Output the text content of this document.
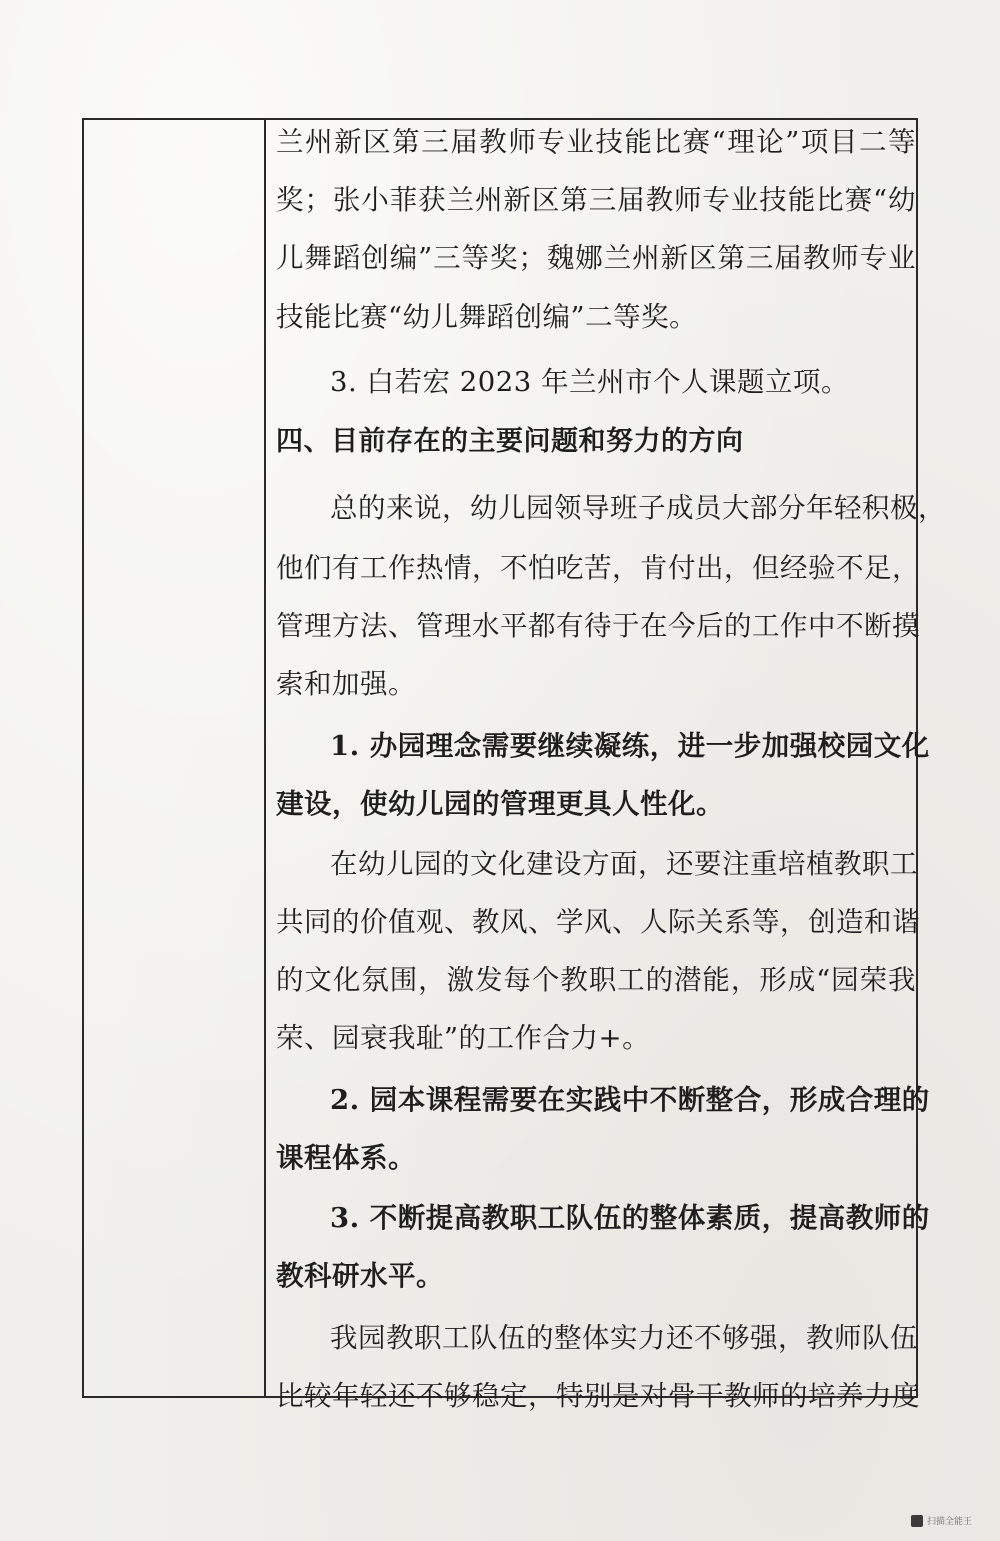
兰州新区第三届教师专业技能比赛“理论”项目二等
奖；张小菲获兰州新区第三届教师专业技能比赛“幼
儿舞蹈创编”三等奖；魏娜兰州新区第三届教师专业
技能比赛“幼儿舞蹈创编”二等奖。
3. 白若宏 2023 年兰州市个人课题立项。
四、目前存在的主要问题和努力的方向
总的来说，幼儿园领导班子成员大部分年轻积极，
他们有工作热情，不怕吃苦，肯付出，但经验不足，
管理方法、管理水平都有待于在今后的工作中不断摸
索和加强。
1. 办园理念需要继续凝练，进一步加强校园文化
建设，使幼儿园的管理更具人性化。
在幼儿园的文化建设方面，还要注重培植教职工
共同的价值观、教风、学风、人际关系等，创造和谐
的文化氛围，激发每个教职工的潜能，形成“园荣我
荣、园衰我耻”的工作合力+。
2. 园本课程需要在实践中不断整合，形成合理的
课程体系。
3. 不断提高教职工队伍的整体素质，提高教师的
教科研水平。
我园教职工队伍的整体实力还不够强，教师队伍
比较年轻还不够稳定，特别是对骨干教师的培养力度
扫描全能王
